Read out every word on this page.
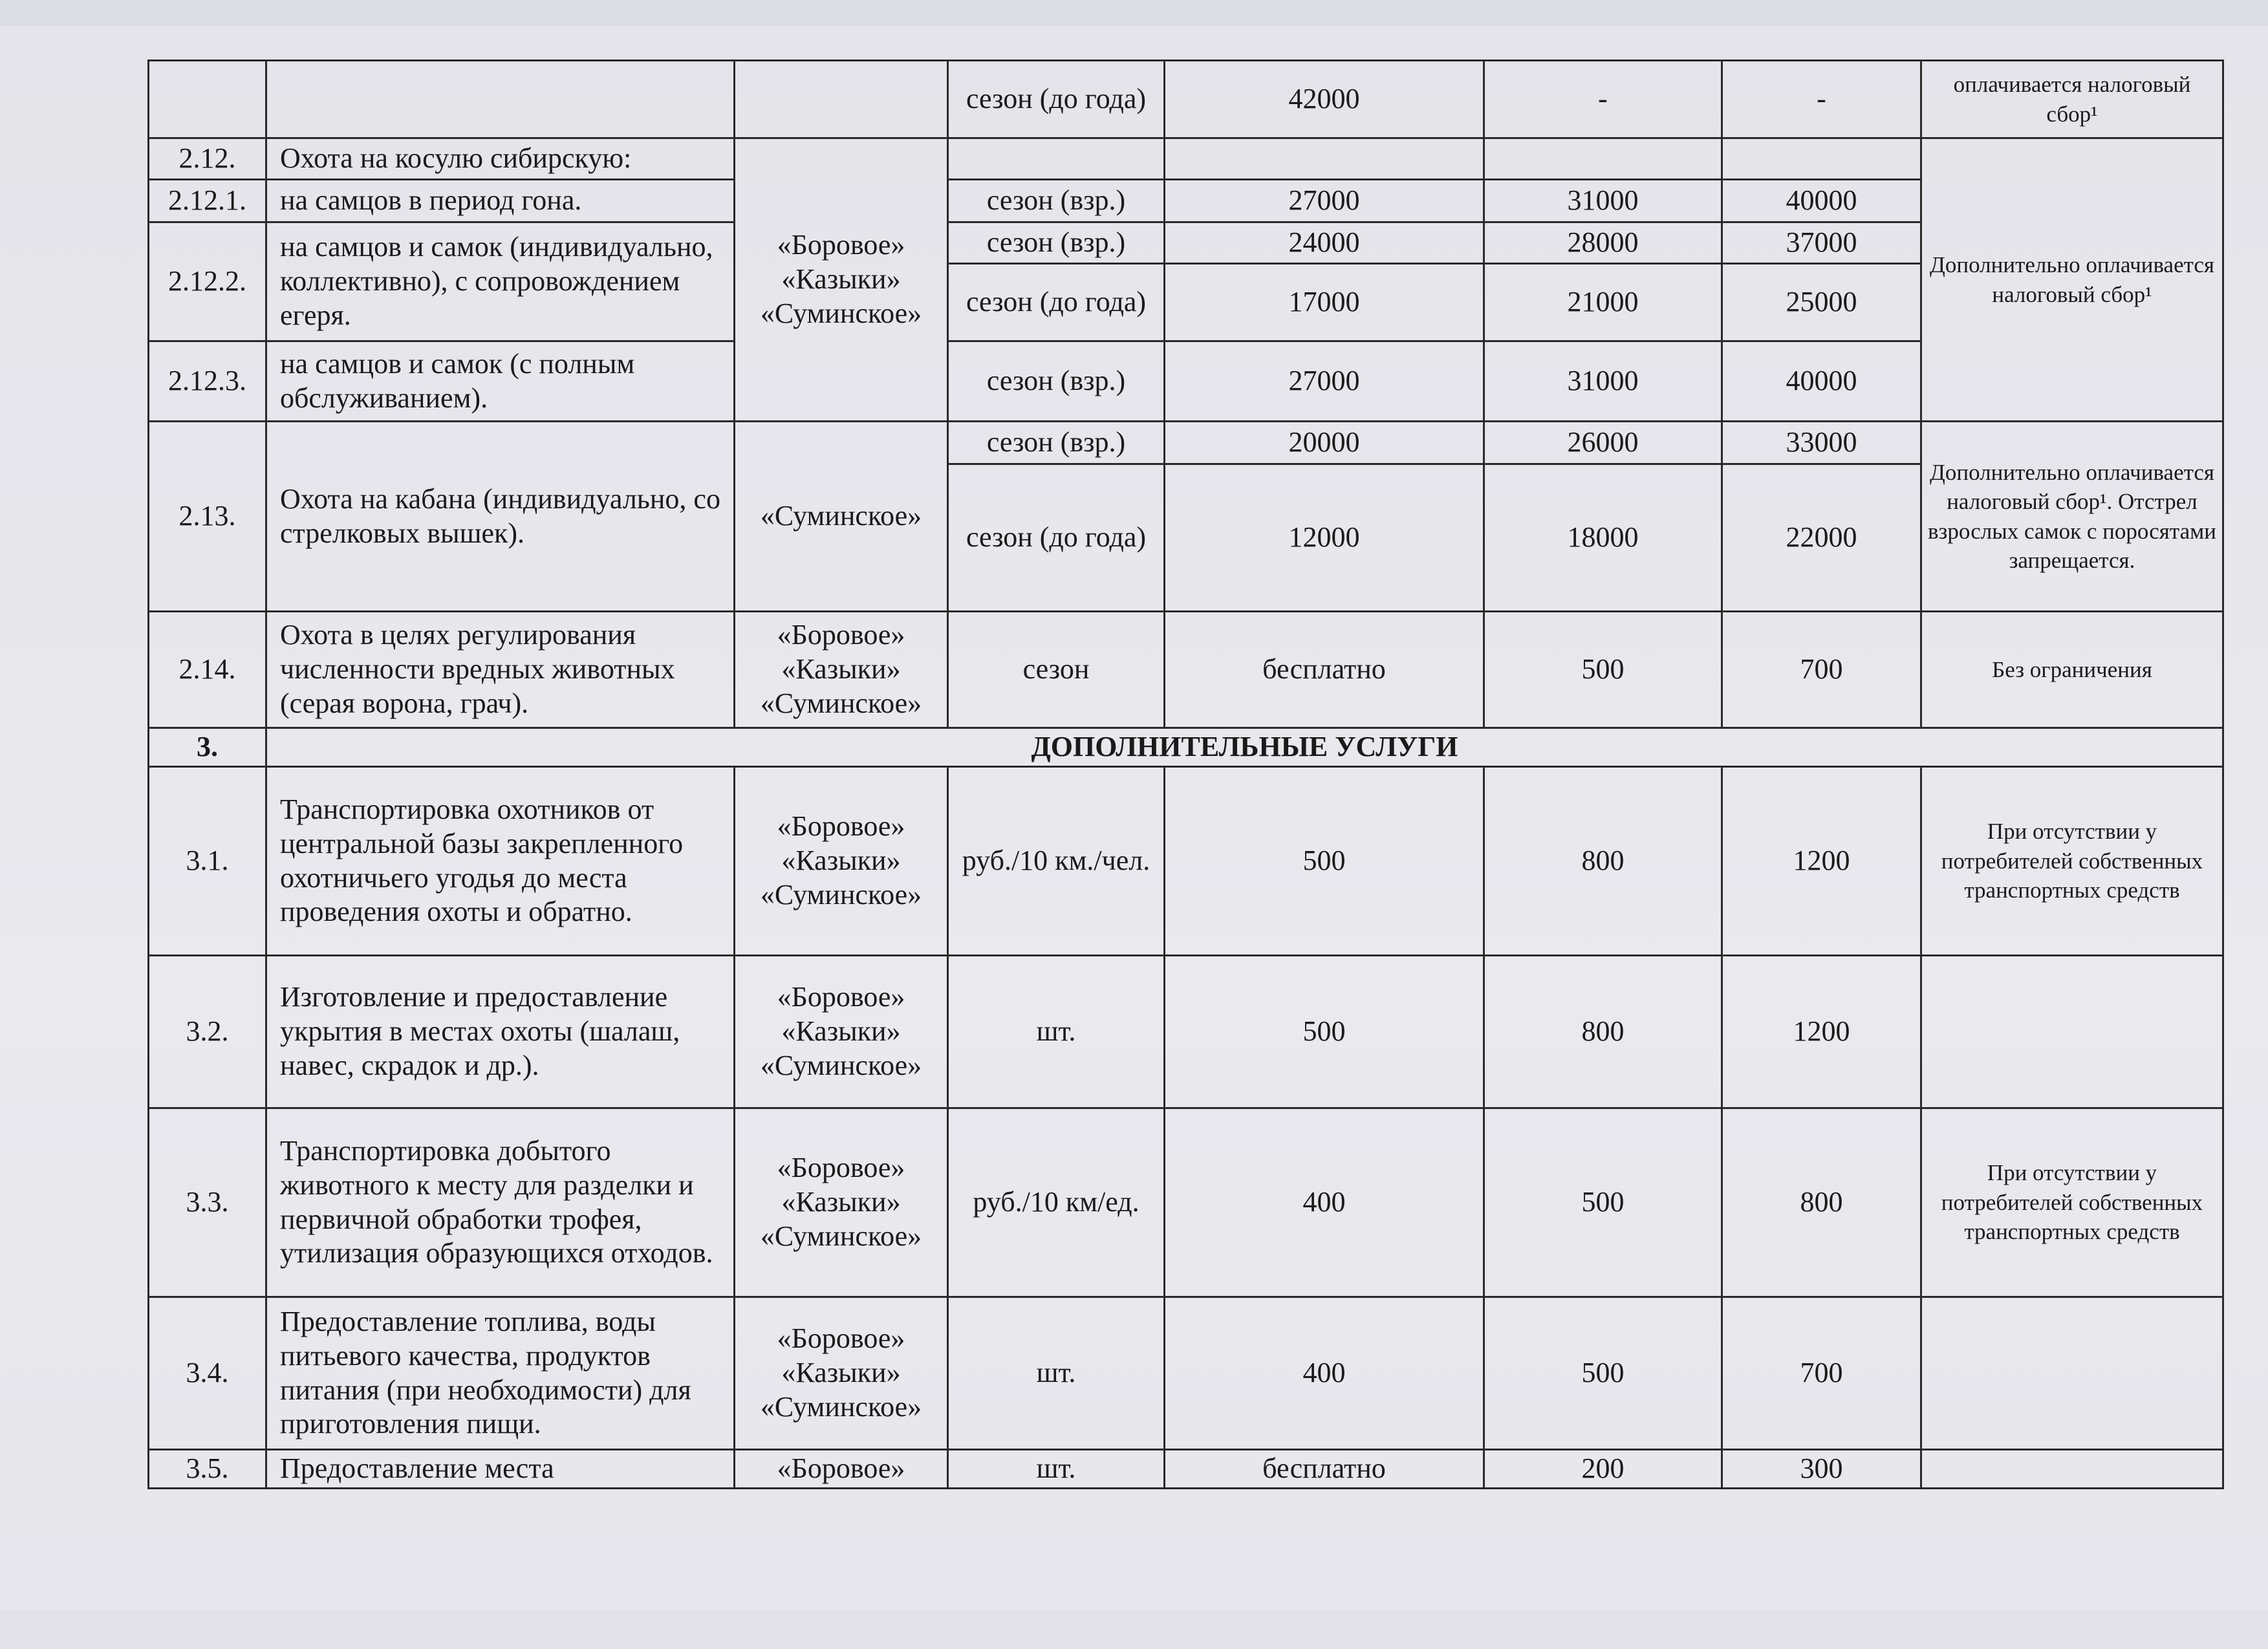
			сезон (до года)	42000	-	-	оплачивается налоговый сбор¹
2.12.	Охота на косулю сибирскую:	«Боровое» «Казыки» «Суминское»					Дополнительно оплачивается налоговый сбор¹
2.12.1.	на самцов в период гона.		сезон (взр.)	27000	31000	40000	
2.12.2.	на самцов и самок (индивидуально, коллективно), с сопровождением егеря.		сезон (взр.)	24000	28000	37000	
			сезон (до года)	17000	21000	25000	
2.12.3.	на самцов и самок (с полным обслуживанием).		сезон (взр.)	27000	31000	40000	
2.13.	Охота на кабана (индивидуально, со стрелковых вышек).	«Суминское»	сезон (взр.)	20000	26000	33000	Дополнительно оплачивается налоговый сбор¹. Отстрел взрослых самок с поросятами запрещается.
			сезон (до года)	12000	18000	22000	
2.14.	Охота в целях регулирования численности вредных животных (серая ворона, грач).	«Боровое» «Казыки» «Суминское»	сезон	бесплатно	500	700	Без ограничения
3.	ДОПОЛНИТЕЛЬНЫЕ УСЛУГИ						
3.1.	Транспортировка охотников от центральной базы закрепленного охотничьего угодья до места проведения охоты и обратно.	«Боровое» «Казыки» «Суминское»	руб./10 км./чел.	500	800	1200	При отсутствии у потребителей собственных транспортных средств
3.2.	Изготовление и предоставление укрытия в местах охоты (шалаш, навес, скрадок и др.).	«Боровое» «Казыки» «Суминское»	шт.	500	800	1200	
3.3.	Транспортировка добытого животного к месту для разделки и первичной обработки трофея, утилизация образующихся отходов.	«Боровое» «Казыки» «Суминское»	руб./10 км/ед.	400	500	800	При отсутствии у потребителей собственных транспортных средств
3.4.	Предоставление топлива, воды питьевого качества, продуктов питания (при необходимости) для приготовления пищи.	«Боровое» «Казыки» «Суминское»	шт.	400	500	700	
3.5.	Предоставление места	«Боровое»	шт.	бесплатно	200	300	
